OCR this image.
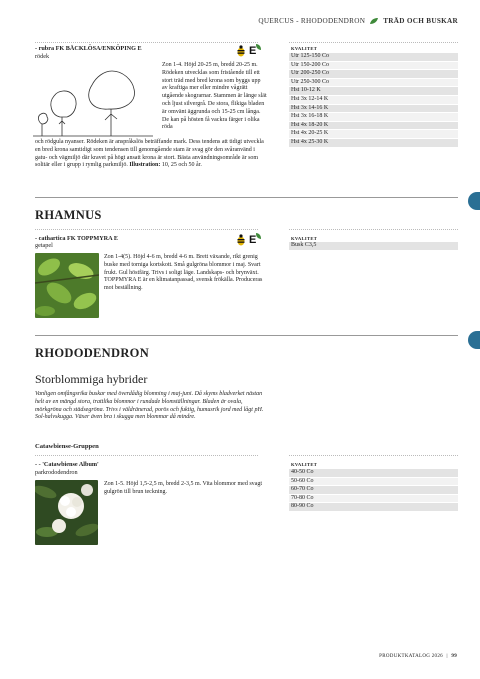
QUERCUS - RHODODENDRON	TRÄD OCH BUSKAR
- rubra FK BÄCKLÖSA/ENKÖPING E
rödek	E
Zon 1-4. Höjd 20-25 m, bredd 20-25 m. Rödeken utvecklas som fristående till ett stort träd med bred krona som byggs upp av kraftiga mer eller mindre vågrätt utgående skograrnar. Stammen är länge slät och ljust silvergrå. De stora, flikiga bladen är omvänt äggrunda och 15-25 cm långa. De kan på hösten få vackra färger i olika röda
och rödgula nyanser. Rödeken är anspråkslös beträffande mark. Dess tendens att tidigt utveckla en bred krona samtidigt som tendensen till genomgående stam är svag gör den svåranvänd i gatu- och vägmiljö där kravet på högt ansatt krona är stort. Bästa användningsområde är som solitär eller i grupp i rymlig parkmiljö. Illustration: 10, 25 och 50 år.
KVALITET
Utr 125-150 Co
Utr 150-200 Co
Utr 200-250 Co
Utr 250-300 Co
Hst 10-12 K
Hst 3x 12-14 K
Hst 3x 14-16 K
Hst 3x 16-18 K
Hst 4x 18-20 K
Hst 4x 20-25 K
Hst 4x 25-30 K
RHAMNUS
- cathartica FK TOPPMYRA E
getapel	E
Zon 1-4(5). Höjd 4-6 m, bredd 4-6 m. Brett växande, rikt grenig buske med torniga kortskott. Små gulgröna blommor i maj. Svart frukt. Gul höstfärg. Trivs i soligt läge. Landskaps- och brynväxt. TOPPMYRA E är en klimatanpassad, svensk frökälla. Produceras mot beställning.
KVALITET
Busk C3,5
RHODODENDRON
Storblommiga hybrider
Vanligen omfångsrika buskar med överdådig blomning i maj-juni. Då skyms bladverket nästan helt av en mängd stora, trattlika blommor i rundade blomställningar. Bladen är ovala, mörkgröna och städsegröna. Trivs i väldränerad, porös och fuktig, humusrik jord med lågt pH. Sol-halvskugga. Växer även bra i skugga men blommar då mindre.
Catawbiense-Gruppen
- - 'Catawbiense Album'
parkrododendron
Zon 1-5. Höjd 1,5-2,5 m, bredd 2-3,5 m. Vita blommor med svagt gulgrön till brun teckning.
KVALITET
40-50 Co
50-60 Co
60-70 Co
70-80 Co
80-90 Co
PRODUKTKATALOG 2026 | 99
